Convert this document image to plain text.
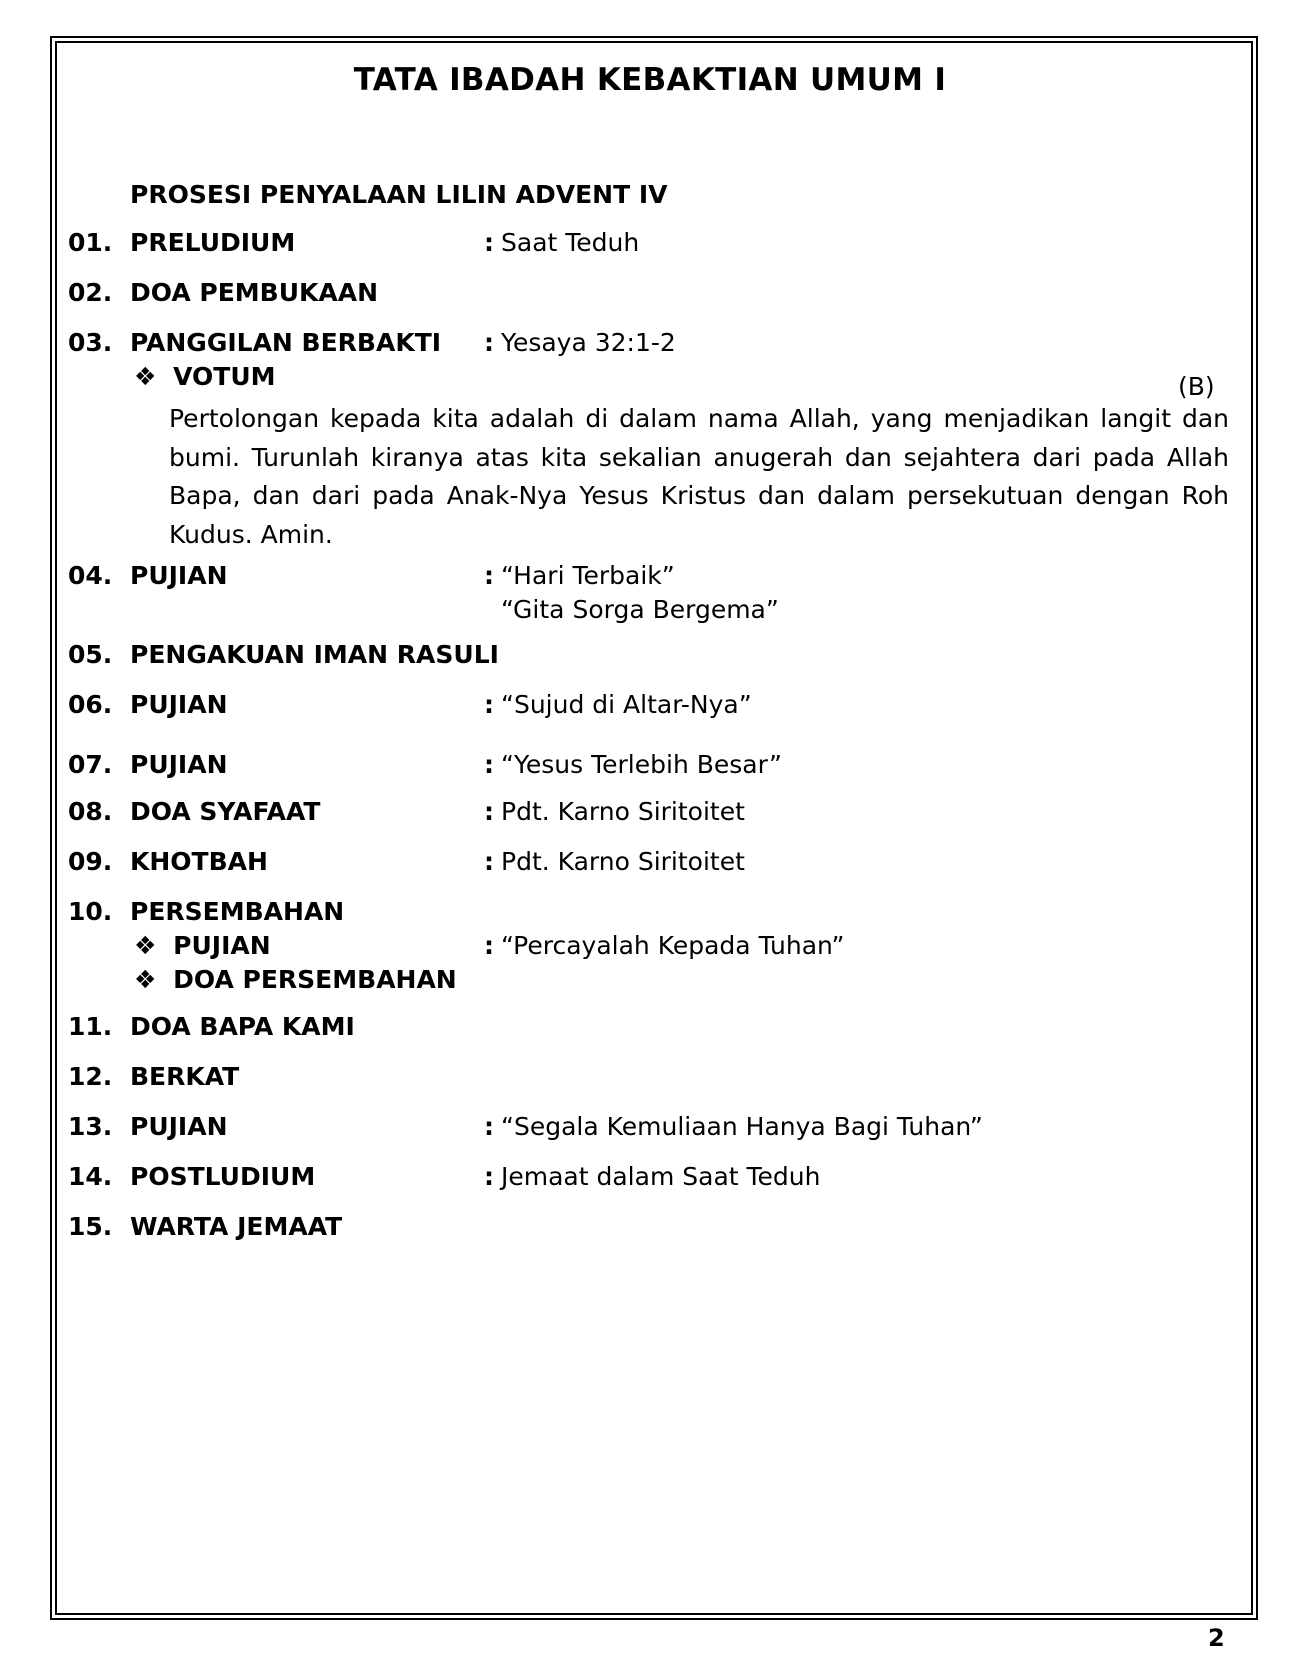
TATA IBADAH KEBAKTIAN UMUM I
PROSESI PENYALAAN LILIN ADVENT IV
01. PRELUDIUM	: Saat Teduh
02. DOA PEMBUKAAN
03. PANGGILAN BERBAKTI : Yesaya 32:1-2
❖ VOTUM	(B)
Pertolongan kepada kita adalah di dalam nama Allah, yang menjadikan langit dan bumi. Turunlah kiranya atas kita sekalian anugerah dan sejahtera dari pada Allah Bapa, dan dari pada Anak-Nya Yesus Kristus dan dalam persekutuan dengan Roh Kudus. Amin.
04. PUJIAN	: “Hari Terbaik”
“Gita Sorga Bergema”
05. PENGAKUAN IMAN RASULI
06. PUJIAN	: “Sujud di Altar-Nya”
07. PUJIAN	: “Yesus Terlebih Besar”
08. DOA SYAFAAT	: Pdt. Karno Siritoitet
09. KHOTBAH	: Pdt. Karno Siritoitet
10. PERSEMBAHAN
❖ PUJIAN	: “Percayalah Kepada Tuhan”
❖ DOA PERSEMBAHAN
11. DOA BAPA KAMI
12. BERKAT
13. PUJIAN	: “Segala Kemuliaan Hanya Bagi Tuhan”
14. POSTLUDIUM	: Jemaat dalam Saat Teduh
15. WARTA JEMAAT
2
